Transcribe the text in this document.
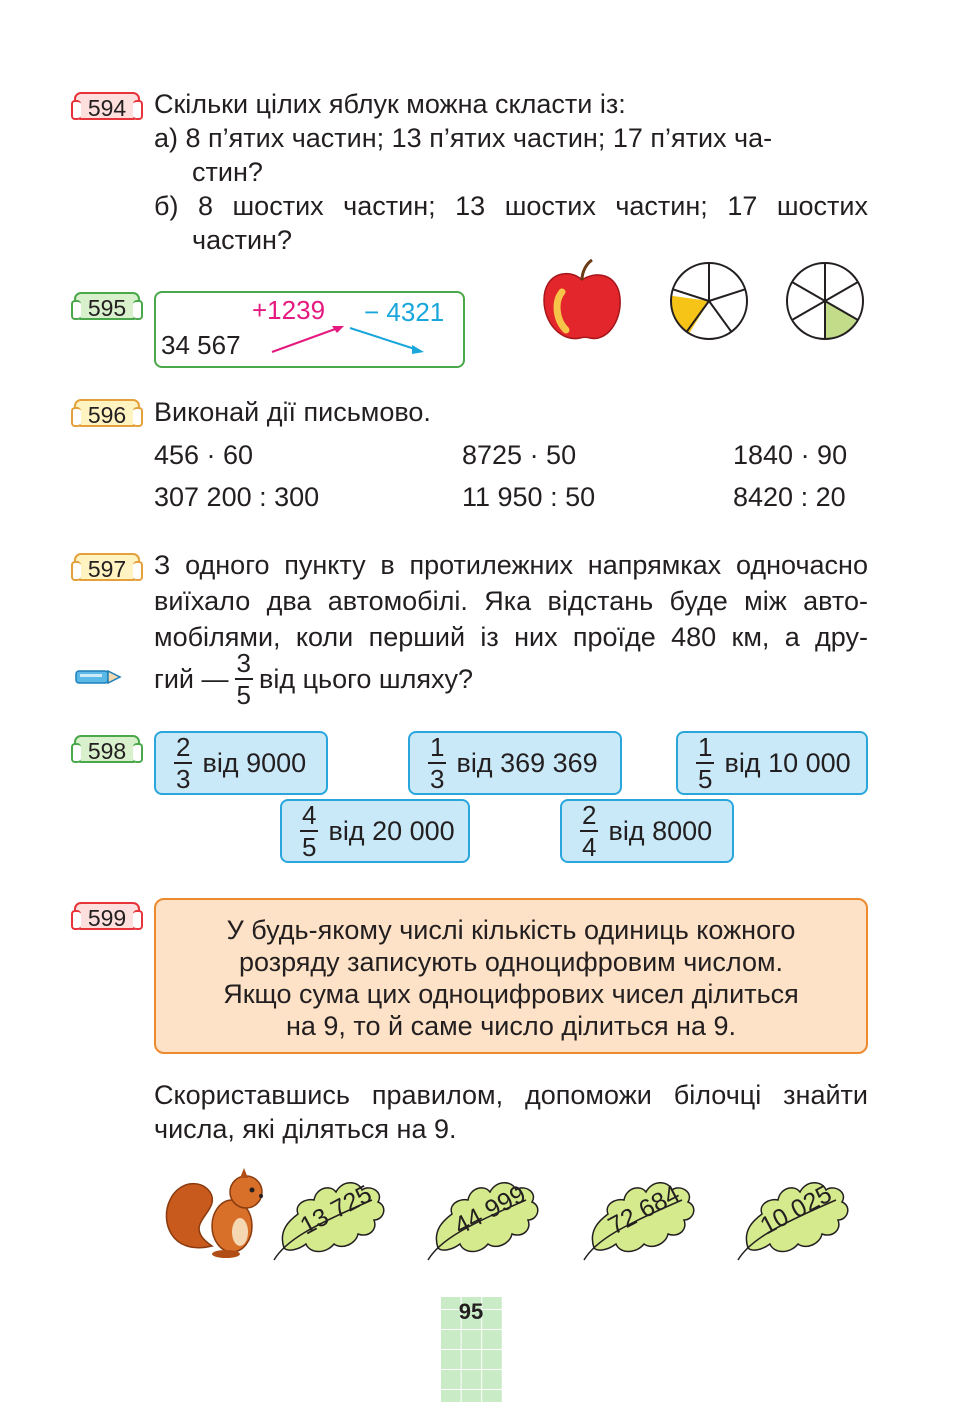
594	Скільки цілих яблук можна скласти із:
а) 8 п’ятих частин; 13 п’ятих частин; 17 п’ятих ча-
стин?
б) 8 шостих частин; 13 шостих частин; 17 шостих
частин?
595
34 567
+1239 − 4321
596	Виконай дії письмово.
456 · 60	8725 · 50	1840 · 90
307 200 : 300	11 950 : 50	8420 : 20
597	З одного пункту в протилежних напрямках одночасно
виїхало два автомобілі. Яка відстань буде між авто-
мобілями, коли перший із них проїде 480 км, а дру-
гий — $\frac{3}{5}$ від цього шляху?
598	$\frac{2}{3}$ від 9000	$\frac{1}{3}$ від 369 369	$\frac{1}{5}$ від 10 000
$\frac{4}{5}$ від 20 000	$\frac{2}{4}$ від 8000
599	У будь-якому числі кількість одиниць кожного
розряду записують одноцифровим числом.
Якщо сума цих одноцифрових чисел ділиться
на 9, то й саме число ділиться на 9.
Скориставшись правилом, допоможи білочці знайти
числа, які діляться на 9.
13 725	44 999	72 684	10 025
95
